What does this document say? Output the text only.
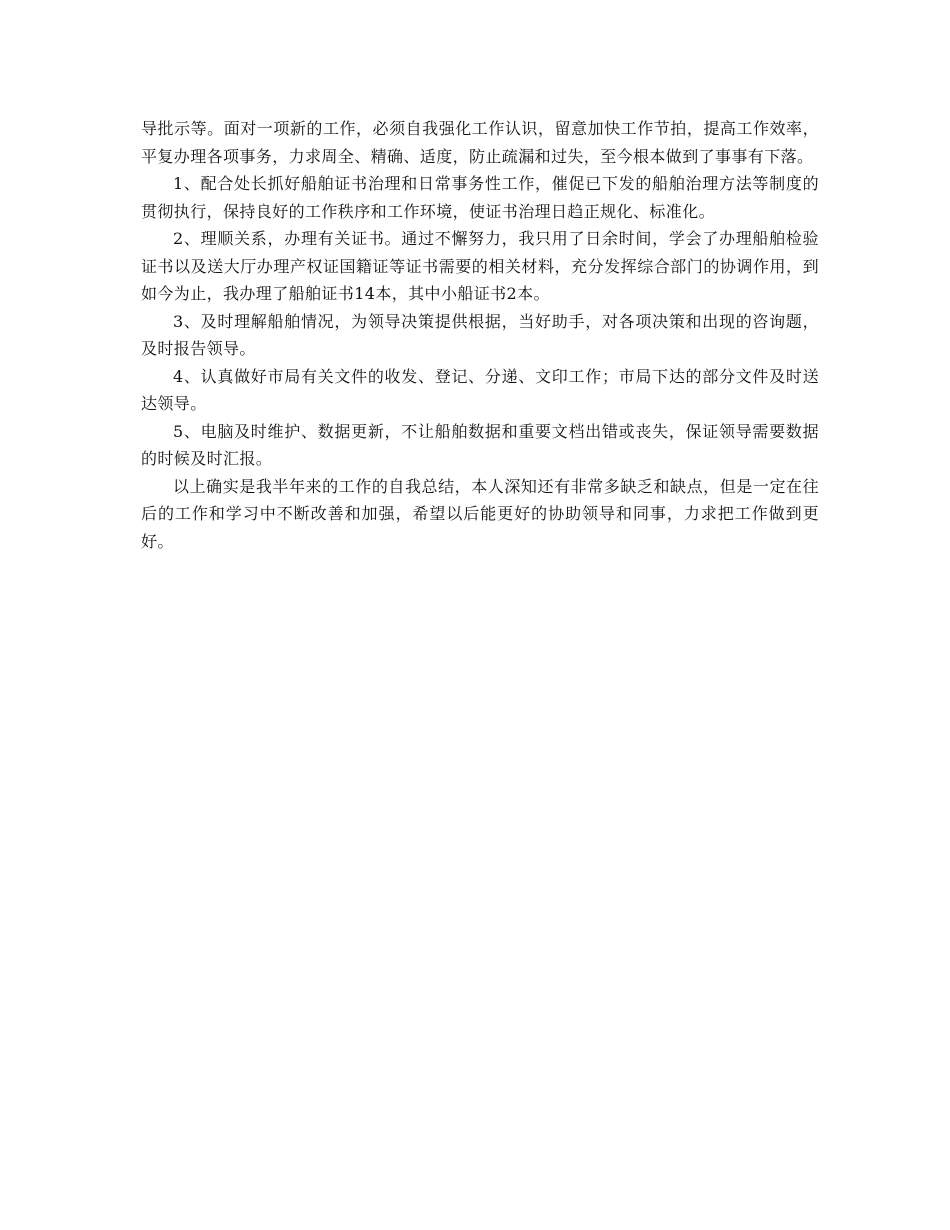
导批示等。面对一项新的工作，必须自我强化工作认识，留意加快工作节拍，提高工作效率，平复办理各项事务，力求周全、精确、适度，防止疏漏和过失，至今根本做到了事事有下落。

1、配合处长抓好船舶证书治理和日常事务性工作，催促已下发的船舶治理方法等制度的贯彻执行，保持良好的工作秩序和工作环境，使证书治理日趋正规化、标准化。

2、理顺关系，办理有关证书。通过不懈努力，我只用了日余时间，学会了办理船舶检验证书以及送大厅办理产权证国籍证等证书需要的相关材料，充分发挥综合部门的协调作用，到如今为止，我办理了船舶证书14本，其中小船证书2本。

3、及时理解船舶情况，为领导决策提供根据，当好助手，对各项决策和出现的咨询题，及时报告领导。

4、认真做好市局有关文件的收发、登记、分递、文印工作；市局下达的部分文件及时送达领导。

5、电脑及时维护、数据更新，不让船舶数据和重要文档出错或丧失，保证领导需要数据的时候及时汇报。

以上确实是我半年来的工作的自我总结，本人深知还有非常多缺乏和缺点，但是一定在往后的工作和学习中不断改善和加强，希望以后能更好的协助领导和同事，力求把工作做到更好。
